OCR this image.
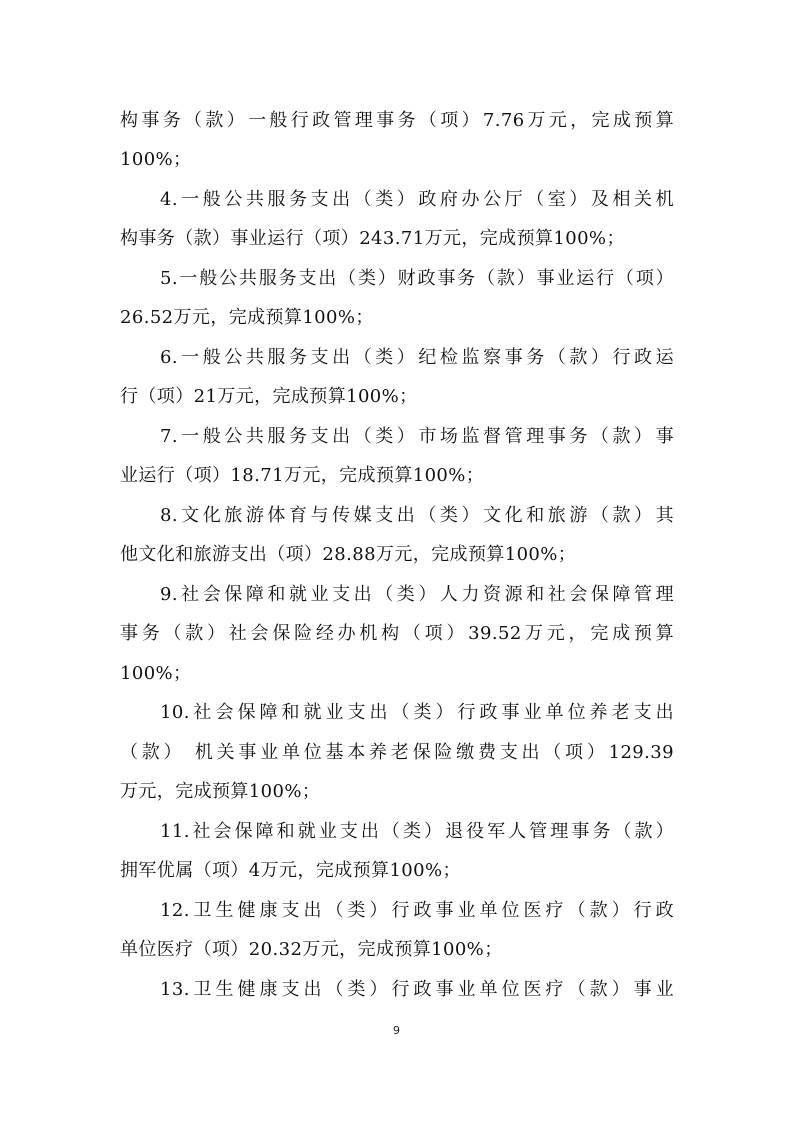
构事务（款）一般行政管理事务（项）7.76万元，完成预算
100%；
4.一般公共服务支出（类）政府办公厅（室）及相关机
构事务（款）事业运行（项）243.71万元，完成预算100%；
5.一般公共服务支出（类）财政事务（款）事业运行（项）
26.52万元，完成预算100%；
6.一般公共服务支出（类）纪检监察事务（款）行政运
行（项）21万元，完成预算100%；
7.一般公共服务支出（类）市场监督管理事务（款）事
业运行（项）18.71万元，完成预算100%；
8.文化旅游体育与传媒支出（类）文化和旅游（款）其
他文化和旅游支出（项）28.88万元，完成预算100%；
9.社会保障和就业支出（类）人力资源和社会保障管理
事务（款）社会保险经办机构（项）39.52万元，完成预算
100%；
10.社会保障和就业支出（类）行政事业单位养老支出
（款） 机关事业单位基本养老保险缴费支出（项）129.39
万元，完成预算100%；
11.社会保障和就业支出（类）退役军人管理事务（款）
拥军优属（项）4万元，完成预算100%；
12.卫生健康支出（类）行政事业单位医疗（款）行政
单位医疗（项）20.32万元，完成预算100%；
13.卫生健康支出（类）行政事业单位医疗（款）事业
9
